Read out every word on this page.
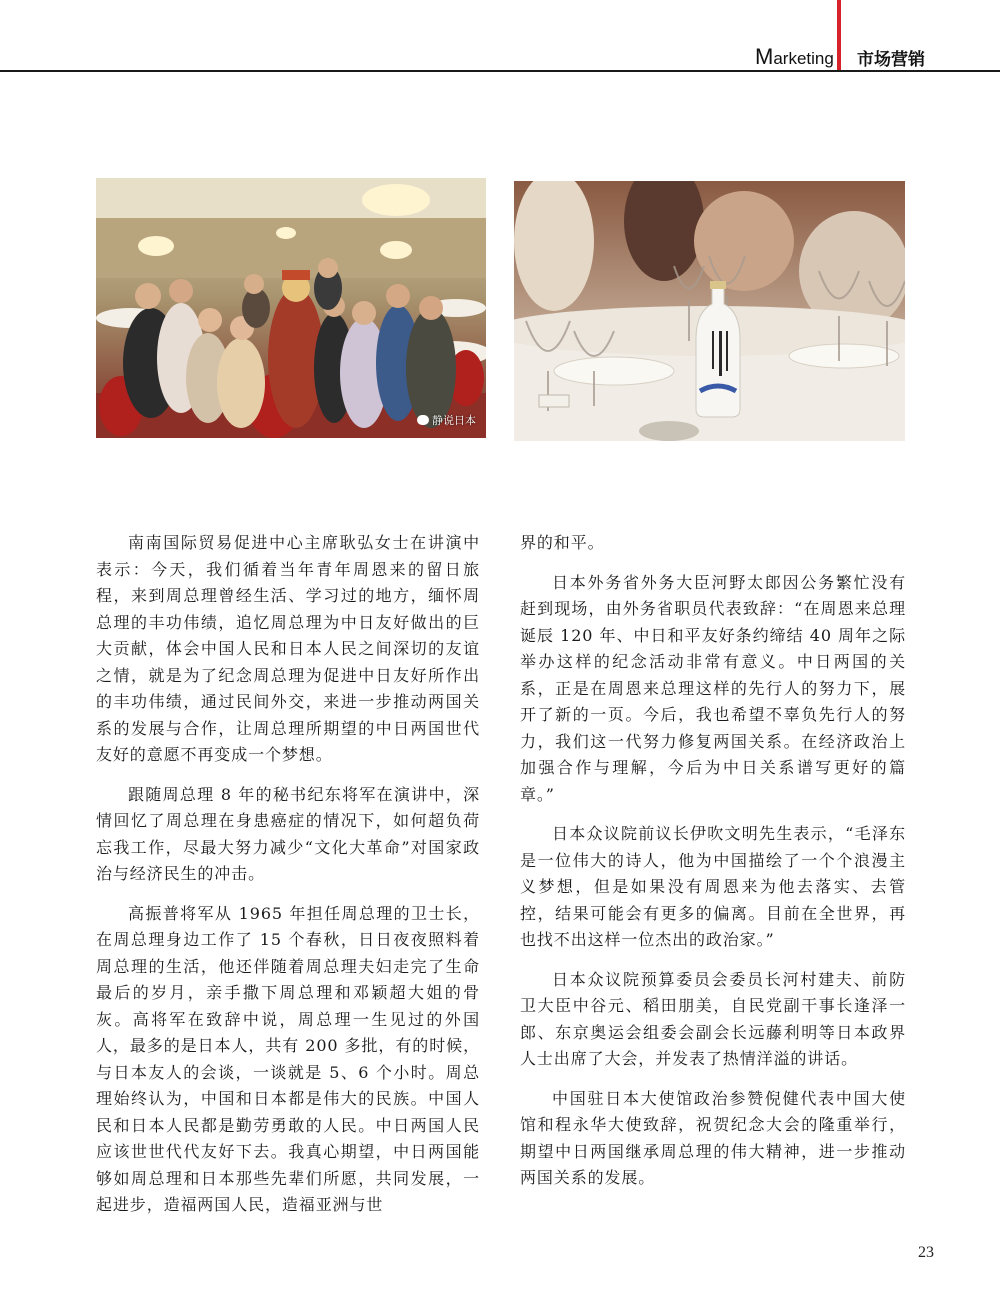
Marketing 市场营销
静说日本

南南国际贸易促进中心主席耿弘女士在讲演中表示：今天，我们循着当年青年周恩来的留日旅程，来到周总理曾经生活、学习过的地方，缅怀周总理的丰功伟绩，追忆周总理为中日友好做出的巨大贡献，体会中国人民和日本人民之间深切的友谊之情，就是为了纪念周总理为促进中日友好所作出的丰功伟绩，通过民间外交，来进一步推动两国关系的发展与合作，让周总理所期望的中日两国世代友好的意愿不再变成一个梦想。

跟随周总理 8 年的秘书纪东将军在演讲中，深情回忆了周总理在身患癌症的情况下，如何超负荷忘我工作，尽最大努力减少“文化大革命”对国家政治与经济民生的冲击。

高振普将军从 1965 年担任周总理的卫士长，在周总理身边工作了 15 个春秋，日日夜夜照料着周总理的生活，他还伴随着周总理夫妇走完了生命最后的岁月，亲手撒下周总理和邓颖超大姐的骨灰。高将军在致辞中说，周总理一生见过的外国人，最多的是日本人，共有 200 多批，有的时候，与日本友人的会谈，一谈就是 5、6 个小时。周总理始终认为，中国和日本都是伟大的民族。中国人民和日本人民都是勤劳勇敢的人民。中日两国人民应该世世代代友好下去。我真心期望，中日两国能够如周总理和日本那些先辈们所愿，共同发展，一起进步，造福两国人民，造福亚洲与世

界的和平。

日本外务省外务大臣河野太郎因公务繁忙没有赶到现场，由外务省职员代表致辞：“在周恩来总理诞辰 120 年、中日和平友好条约缔结 40 周年之际举办这样的纪念活动非常有意义。中日两国的关系，正是在周恩来总理这样的先行人的努力下，展开了新的一页。今后，我也希望不辜负先行人的努力，我们这一代努力修复两国关系。在经济政治上加强合作与理解，今后为中日关系谱写更好的篇章。”

日本众议院前议长伊吹文明先生表示，“毛泽东是一位伟大的诗人，他为中国描绘了一个个浪漫主义梦想，但是如果没有周恩来为他去落实、去管控，结果可能会有更多的偏离。目前在全世界，再也找不出这样一位杰出的政治家。”

日本众议院预算委员会委员长河村建夫、前防卫大臣中谷元、稻田朋美，自民党副干事长逢泽一郎、东京奥运会组委会副会长远藤利明等日本政界人士出席了大会，并发表了热情洋溢的讲话。

中国驻日本大使馆政治参赞倪健代表中国大使馆和程永华大使致辞，祝贺纪念大会的隆重举行，期望中日两国继承周总理的伟大精神，进一步推动两国关系的发展。

23
